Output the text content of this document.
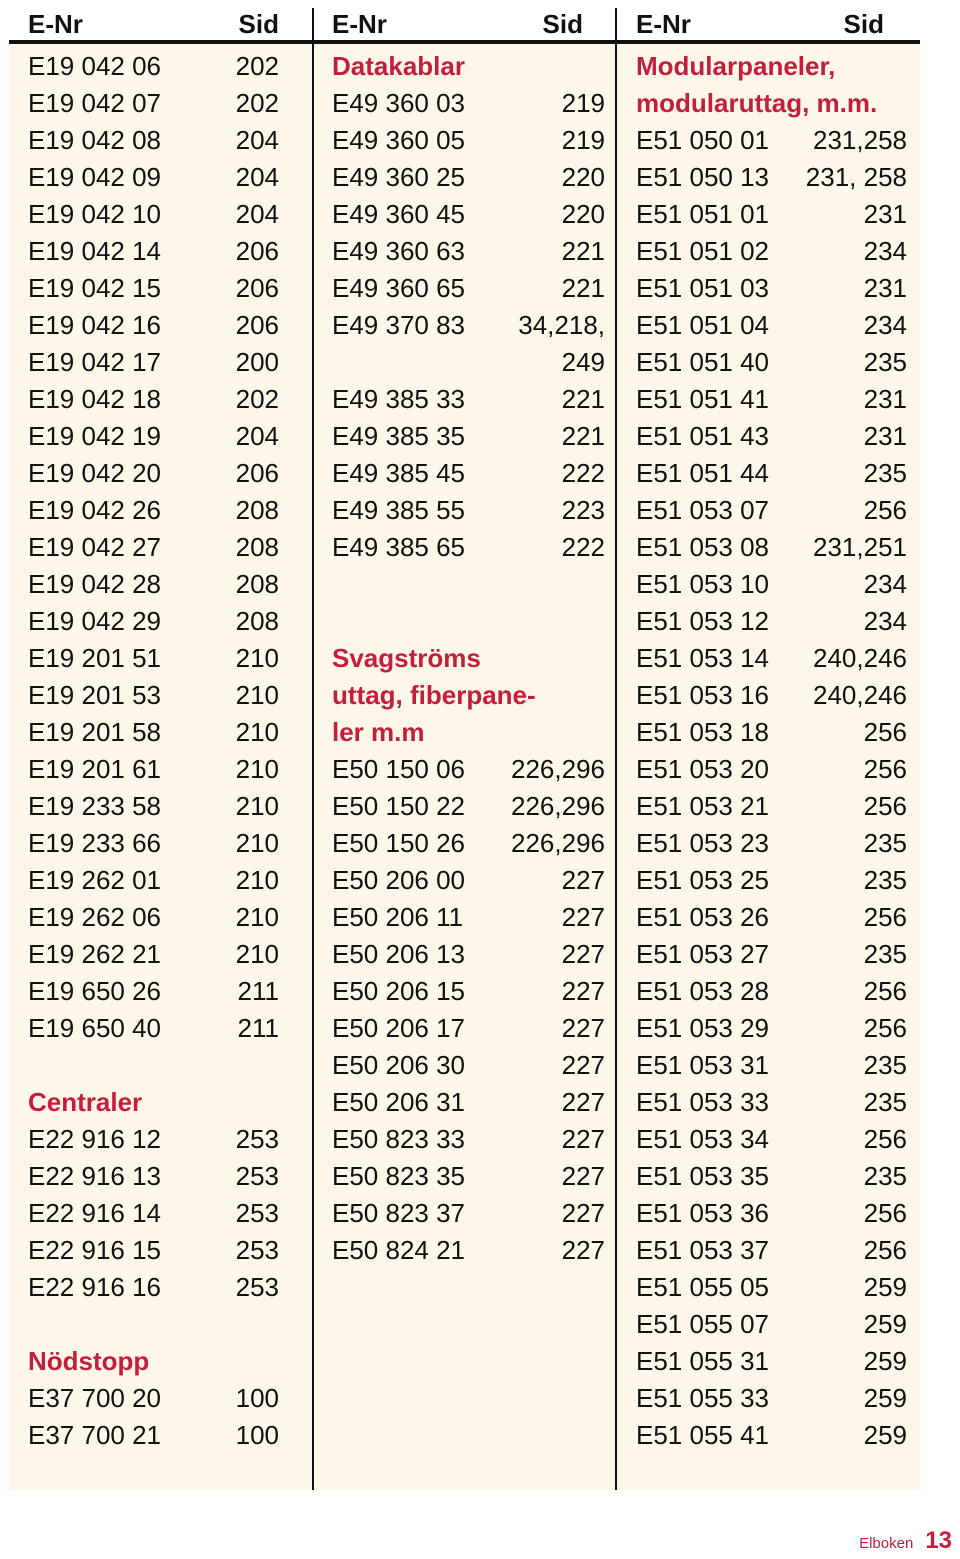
E-Nr	Sid E-Nr	Sid E-Nr	Sid
E19 042 06	202
E19 042 07	202
E19 042 08	204
E19 042 09	204
E19 042 10	204
E19 042 14	206
E19 042 15	206
E19 042 16	206
E19 042 17	200
E19 042 18	202
E19 042 19	204
E19 042 20	206
E19 042 26	208
E19 042 27	208
E19 042 28	208
E19 042 29	208
E19 201 51	210
E19 201 53	210
E19 201 58	210
E19 201 61	210
E19 233 58	210
E19 233 66	210
E19 262 01	210
E19 262 06	210
E19 262 21	210
E19 650 26	211
E19 650 40	211
Centraler
E22 916 12	253
E22 916 13	253
E22 916 14	253
E22 916 15	253
E22 916 16	253
Nödstopp
E37 700 20	100
E37 700 21	100
Datakablar
E49 360 03	219
E49 360 05	219
E49 360 25	220
E49 360 45	220
E49 360 63	221
E49 360 65	221
E49 370 83 34,218,
249
E49 385 33	221
E49 385 35	221
E49 385 45	222
E49 385 55	223
E49 385 65	222
Svagströms
uttag, fiberpane-
ler m.m
E50 150 06 226,296
E50 150 22 226,296
E50 150 26 226,296
E50 206 00	227
E50 206 11	227
E50 206 13	227
E50 206 15	227
E50 206 17	227
E50 206 30	227
E50 206 31	227
E50 823 33	227
E50 823 35	227
E50 823 37	227
E50 824 21	227
Modularpaneler,
modularuttag, m.m.
E51 050 01 231,258
E51 050 13 231, 258
E51 051 01	231
E51 051 02	234
E51 051 03	231
E51 051 04	234
E51 051 40	235
E51 051 41	231
E51 051 43	231
E51 051 44	235
E51 053 07	256
E51 053 08 231,251
E51 053 10	234
E51 053 12	234
E51 053 14 240,246
E51 053 16 240,246
E51 053 18	256
E51 053 20	256
E51 053 21	256
E51 053 23	235
E51 053 25	235
E51 053 26	256
E51 053 27	235
E51 053 28	256
E51 053 29	256
E51 053 31	235
E51 053 33	235
E51 053 34	256
E51 053 35	235
E51 053 36	256
E51 053 37	256
E51 055 05	259
E51 055 07	259
E51 055 31	259
E51 055 33	259
E51 055 41	259
Elboken 13
